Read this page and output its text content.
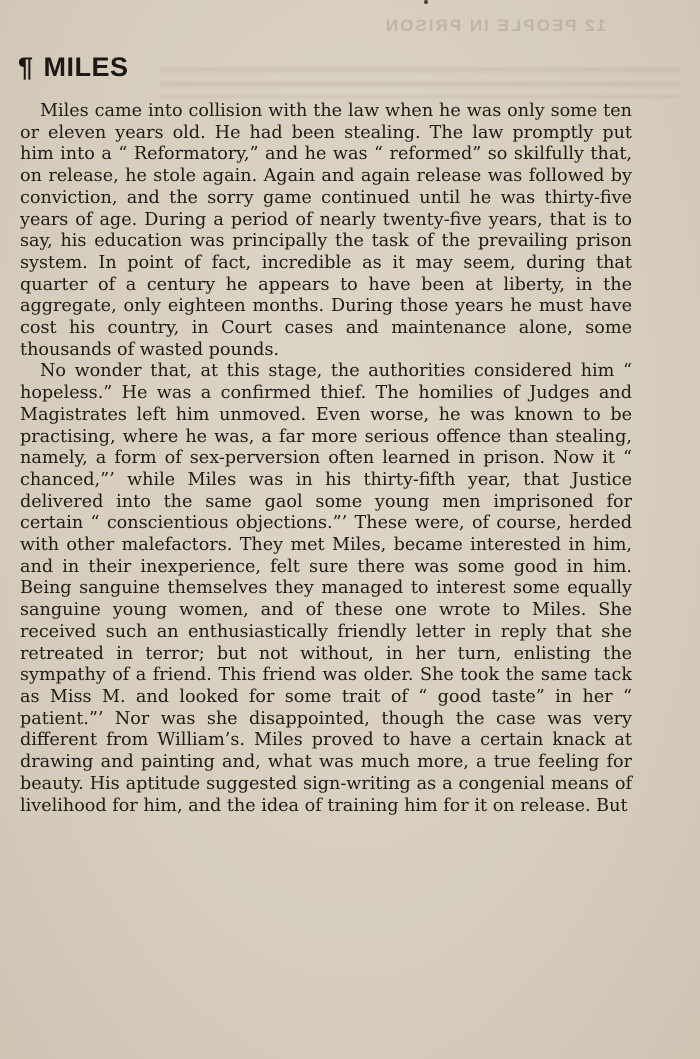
12 PEOPLE IN PRISON
¶ MILES

Miles came into collision with the law when he was only some ten or eleven years old. He had been stealing. The law promptly put him into a “ Reformatory,” and he was “ reformed” so skilfully that, on release, he stole again. Again and again release was followed by conviction, and the sorry game continued until he was thirty-five years of age. During a period of nearly twenty-five years, that is to say, his education was principally the task of the prevailing prison system. In point of fact, incredible as it may seem, during that quarter of a century he appears to have been at liberty, in the aggregate, only eighteen months. During those years he must have cost his country, in Court cases and maintenance alone, some thousands of wasted pounds.

No wonder that, at this stage, the authorities considered him “ hopeless.” He was a confirmed thief. The homilies of Judges and Magistrates left him unmoved. Even worse, he was known to be practising, where he was, a far more serious offence than stealing, namely, a form of sex-perversion often learned in prison. Now it “ chanced,”’ while Miles was in his thirty-fifth year, that Justice delivered into the same gaol some young men imprisoned for certain “ conscientious objections.”’ These were, of course, herded with other malefactors. They met Miles, became interested in him, and in their inexperience, felt sure there was some good in him. Being sanguine themselves they managed to interest some equally sanguine young women, and of these one wrote to Miles. She received such an enthusiastically friendly letter in reply that she retreated in terror; but not without, in her turn, enlisting the sympathy of a friend. This friend was older. She took the same tack as Miss M. and looked for some trait of “ good taste” in her “ patient.”’ Nor was she disappointed, though the case was very different from William’s. Miles proved to have a certain knack at drawing and painting and, what was much more, a true feeling for beauty. His aptitude suggested sign-writing as a congenial means of livelihood for him, and the idea of training him for it on release. But
